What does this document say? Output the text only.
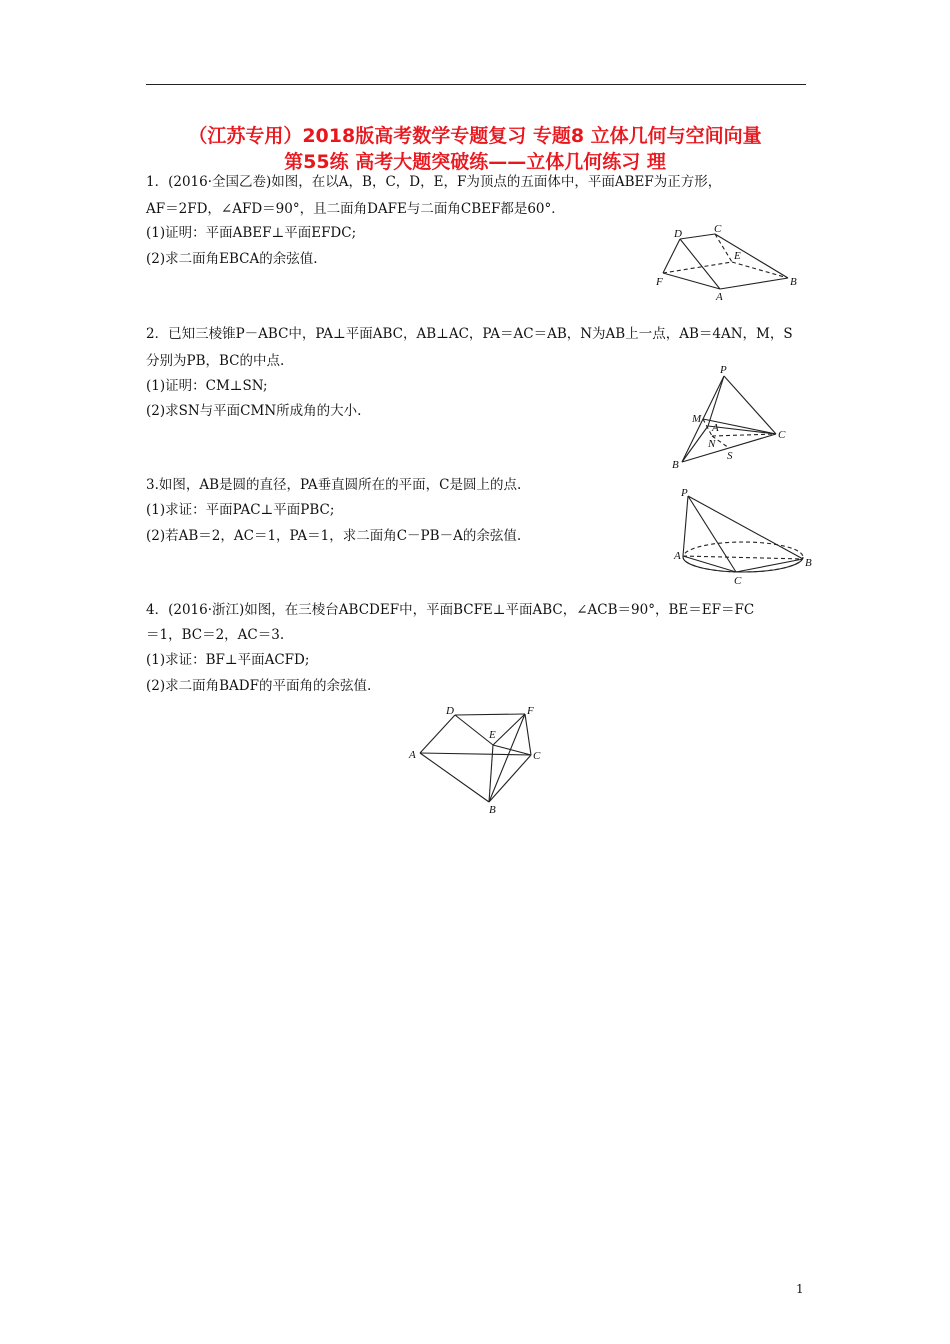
（江苏专用）2018版高考数学专题复习 专题8 立体几何与空间向量
第55练 高考大题突破练——立体几何练习 理
1．(2016·全国乙卷)如图，在以A，B，C，D，E，F为顶点的五面体中，平面ABEF为正方形，
AF＝2FD，∠AFD＝90°，且二面角DAFE与二面角CBEF都是60°．
(1)证明：平面ABEF⊥平面EFDC;
(2)求二面角EBCA的余弦值.
D	C
E
F
A
B
2．已知三棱锥P－ABC中，PA⊥平面ABC，AB⊥AC，PA＝AC＝AB，N为AB上一点，AB＝4AN，M，S
分别为PB，BC的中点.
(1)证明：CM⊥SN;
(2)求SN与平面CMN所成角的大小.
P
M
A
N
C
B
S
3.如图，AB是圆的直径，PA垂直圆所在的平面，C是圆上的点.
(1)求证：平面PAC⊥平面PBC;
(2)若AB＝2，AC＝1，PA＝1，求二面角C－PB－A的余弦值.
P
A
B
C
4．(2016·浙江)如图，在三棱台ABCDEF中，平面BCFE⊥平面ABC，∠ACB＝90°，BE＝EF＝FC
＝1，BC＝2，AC＝3.
(1)求证：BF⊥平面ACFD;
(2)求二面角BADF的平面角的余弦值.
D	F
E
A	C
B
1
